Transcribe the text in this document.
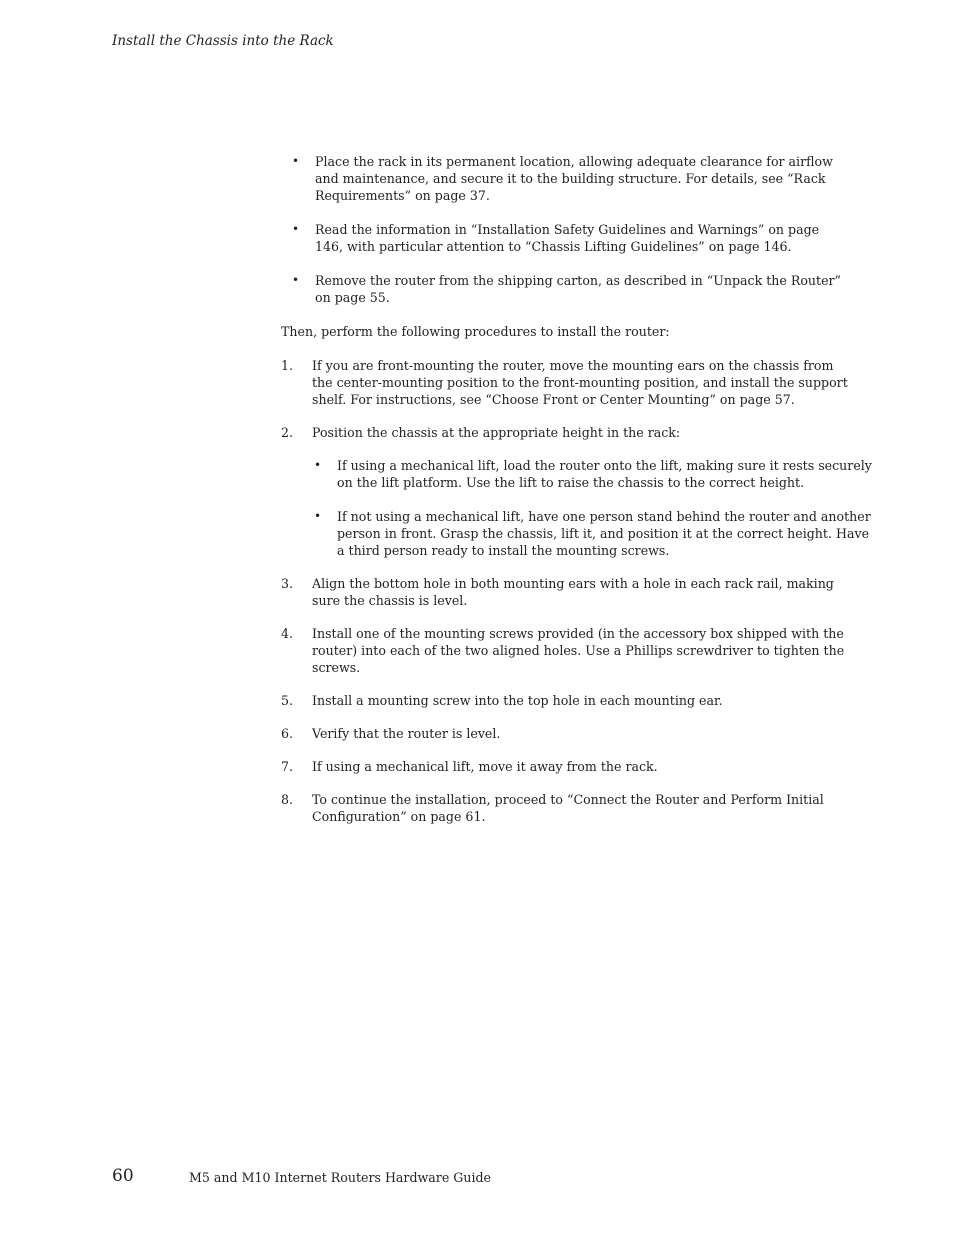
Install the Chassis into the Rack
• Place the rack in its permanent location, allowing adequate clearance for airflow and maintenance, and secure it to the building structure. For details, see “Rack Requirements” on page 37.
• Read the information in “Installation Safety Guidelines and Warnings” on page 146, with particular attention to “Chassis Lifting Guidelines” on page 146.
• Remove the router from the shipping carton, as described in “Unpack the Router” on page 55.

Then, perform the following procedures to install the router:

1. If you are front-mounting the router, move the mounting ears on the chassis from the center-mounting position to the front-mounting position, and install the support shelf. For instructions, see “Choose Front or Center Mounting” on page 57.
2. Position the chassis at the appropriate height in the rack:
• If using a mechanical lift, load the router onto the lift, making sure it rests securely on the lift platform. Use the lift to raise the chassis to the correct height.
• If not using a mechanical lift, have one person stand behind the router and another person in front. Grasp the chassis, lift it, and position it at the correct height. Have a third person ready to install the mounting screws.
3. Align the bottom hole in both mounting ears with a hole in each rack rail, making sure the chassis is level.
4. Install one of the mounting screws provided (in the accessory box shipped with the router) into each of the two aligned holes. Use a Phillips screwdriver to tighten the screws.
5. Install a mounting screw into the top hole in each mounting ear.
6. Verify that the router is level.
7. If using a mechanical lift, move it away from the rack.
8. To continue the installation, proceed to “Connect the Router and Perform Initial Configuration” on page 61.
60	M5 and M10 Internet Routers Hardware Guide
